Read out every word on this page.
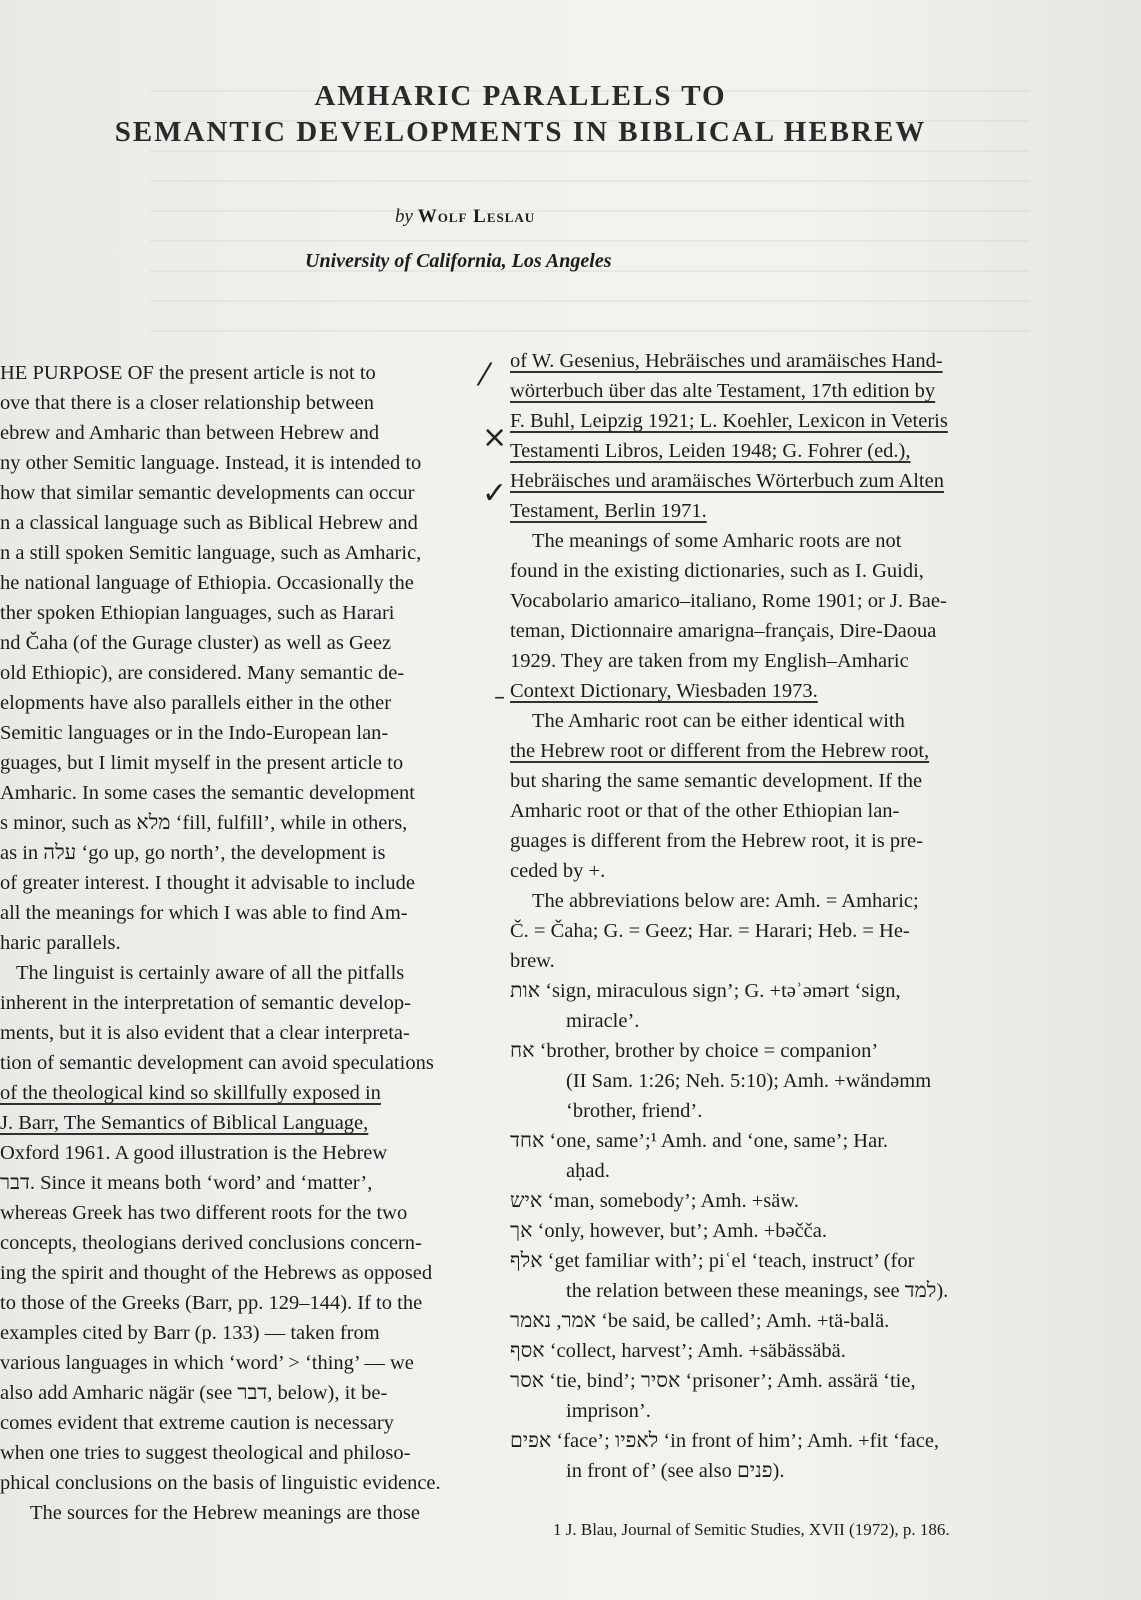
AMHARIC PARALLELS TO
SEMANTIC DEVELOPMENTS IN BIBLICAL HEBREW
by Wolf Leslau
University of California, Los Angeles
HE PURPOSE OF the present article is not to
ove that there is a closer relationship between
ebrew and Amharic than between Hebrew and
ny other Semitic language. Instead, it is intended to
how that similar semantic developments can occur
n a classical language such as Biblical Hebrew and
n a still spoken Semitic language, such as Amharic,
he national language of Ethiopia. Occasionally the
ther spoken Ethiopian languages, such as Harari
nd Čaha (of the Gurage cluster) as well as Geez
old Ethiopic), are considered. Many semantic de-
elopments have also parallels either in the other
Semitic languages or in the Indo-European lan-
guages, but I limit myself in the present article to
Amharic. In some cases the semantic development
s minor, such as מלא ‘fill, fulfill’, while in others,
as in עלה ‘go up, go north’, the development is
of greater interest. I thought it advisable to include
all the meanings for which I was able to find Am-
haric parallels.
The linguist is certainly aware of all the pitfalls
inherent in the interpretation of semantic develop-
ments, but it is also evident that a clear interpreta-
tion of semantic development can avoid speculations
of the theological kind so skillfully exposed in
J. Barr, The Semantics of Biblical Language,
Oxford 1961. A good illustration is the Hebrew
דבר. Since it means both ‘word’ and ‘matter’,
whereas Greek has two different roots for the two
concepts, theologians derived conclusions concern-
ing the spirit and thought of the Hebrews as opposed
to those of the Greeks (Barr, pp. 129–144). If to the
examples cited by Barr (p. 133) — taken from
various languages in which ‘word’ > ‘thing’ — we
also add Amharic nägär (see דבר, below), it be-
comes evident that extreme caution is necessary
when one tries to suggest theological and philoso-
phical conclusions on the basis of linguistic evidence.
The sources for the Hebrew meanings are those
⁄
×
✓
–
of W. Gesenius, Hebräisches und aramäisches Hand-
wörterbuch über das alte Testament, 17th edition by
F. Buhl, Leipzig 1921; L. Koehler, Lexicon in Veteris
Testamenti Libros, Leiden 1948; G. Fohrer (ed.),
Hebräisches und aramäisches Wörterbuch zum Alten
Testament, Berlin 1971.
The meanings of some Amharic roots are not
found in the existing dictionaries, such as I. Guidi,
Vocabolario amarico–italiano, Rome 1901; or J. Bae-
teman, Dictionnaire amarigna–français, Dire-Daoua
1929. They are taken from my English–Amharic
Context Dictionary, Wiesbaden 1973.
The Amharic root can be either identical with
the Hebrew root or different from the Hebrew root,
but sharing the same semantic development. If the
Amharic root or that of the other Ethiopian lan-
guages is different from the Hebrew root, it is pre-
ceded by +.
The abbreviations below are: Amh. = Amharic;
Č. = Čaha; G. = Geez; Har. = Harari; Heb. = He-
brew.
אות ‘sign, miraculous sign’; G. +təʾəmərt ‘sign,
miracle’.
אח ‘brother, brother by choice = companion’
(II Sam. 1:26; Neh. 5:10); Amh. +wändəmm
‘brother, friend’.
אחד ‘one, same’;¹ Amh. and ‘one, same’; Har.
aḥad.
איש ‘man, somebody’; Amh. +säw.
אך ‘only, however, but’; Amh. +bəčča.
אלף ‘get familiar with’; piʿel ‘teach, instruct’ (for
the relation between these meanings, see למד).
אמר, נאמר ‘be said, be called’; Amh. +tä-balä.
אסף ‘collect, harvest’; Amh. +säbässäbä.
אסר ‘tie, bind’; אסיר ‘prisoner’; Amh. assärä ‘tie,
imprison’.
אפים ‘face’; לאפיו ‘in front of him’; Amh. +fit ‘face,
in front of’ (see also פנים).
1 J. Blau, Journal of Semitic Studies, XVII (1972), p. 186.
